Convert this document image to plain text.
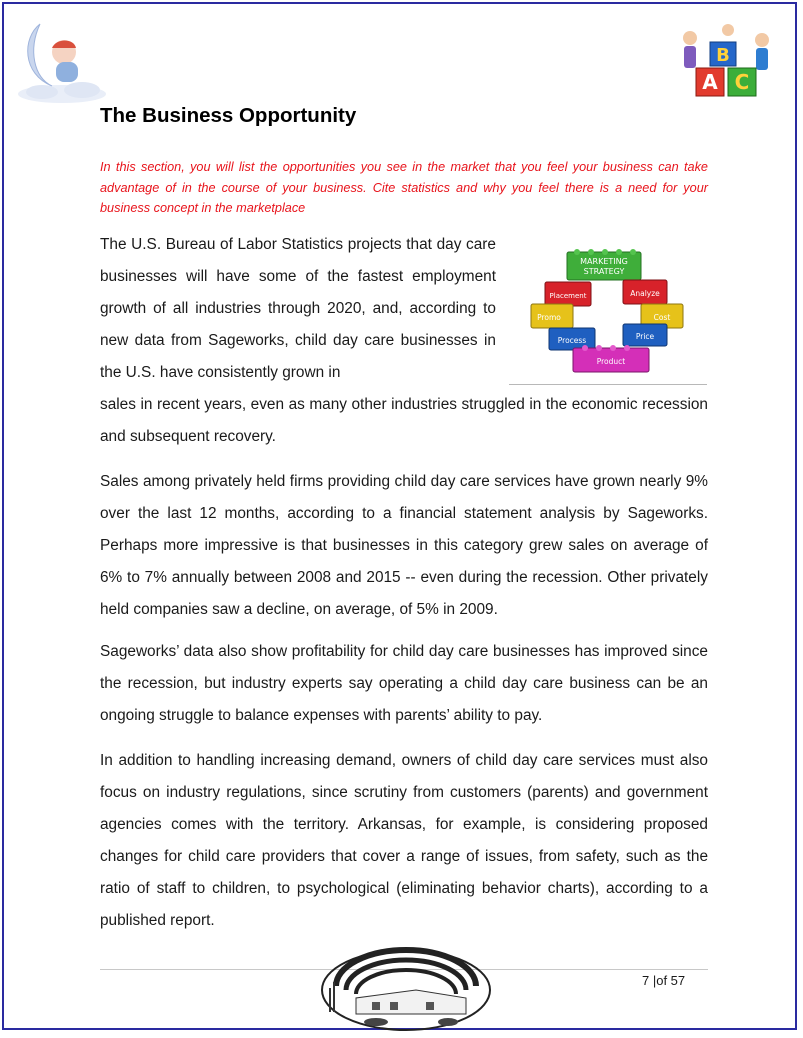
B
A C
The Business Opportunity

In this section, you will list the opportunities you see in the market that you feel your business can take advantage of in the course of your business. Cite statistics and why you feel there is a need for your business concept in the marketplace

The U.S. Bureau of Labor Statistics projects that day care businesses will have some of the fastest employment growth of all industries through 2020, and, according to new data from Sageworks, child day care businesses in the U.S. have consistently grown in
sales in recent years, even as many other industries struggled in the economic recession and subsequent recovery.
MARKETING STRATEGY
Placement	Analyze
Promo	Cost
Process	Price
Product

Sales among privately held firms providing child day care services have grown nearly 9% over the last 12 months, according to a financial statement analysis by Sageworks. Perhaps more impressive is that businesses in this category grew sales on average of 6% to 7% annually between 2008 and 2015 -- even during the recession. Other privately held companies saw a decline, on average, of 5% in 2009.

Sageworks’ data also show profitability for child day care businesses has improved since the recession, but industry experts say operating a child day care business can be an ongoing struggle to balance expenses with parents’ ability to pay.

In addition to handling increasing demand, owners of child day care services must also focus on industry regulations, since scrutiny from customers (parents) and government agencies comes with the territory. Arkansas, for example, is considering proposed changes for child care providers that cover a range of issues, from safety, such as the ratio of staff to children, to psychological (eliminating behavior charts), according to a published report.

7 |of 57
